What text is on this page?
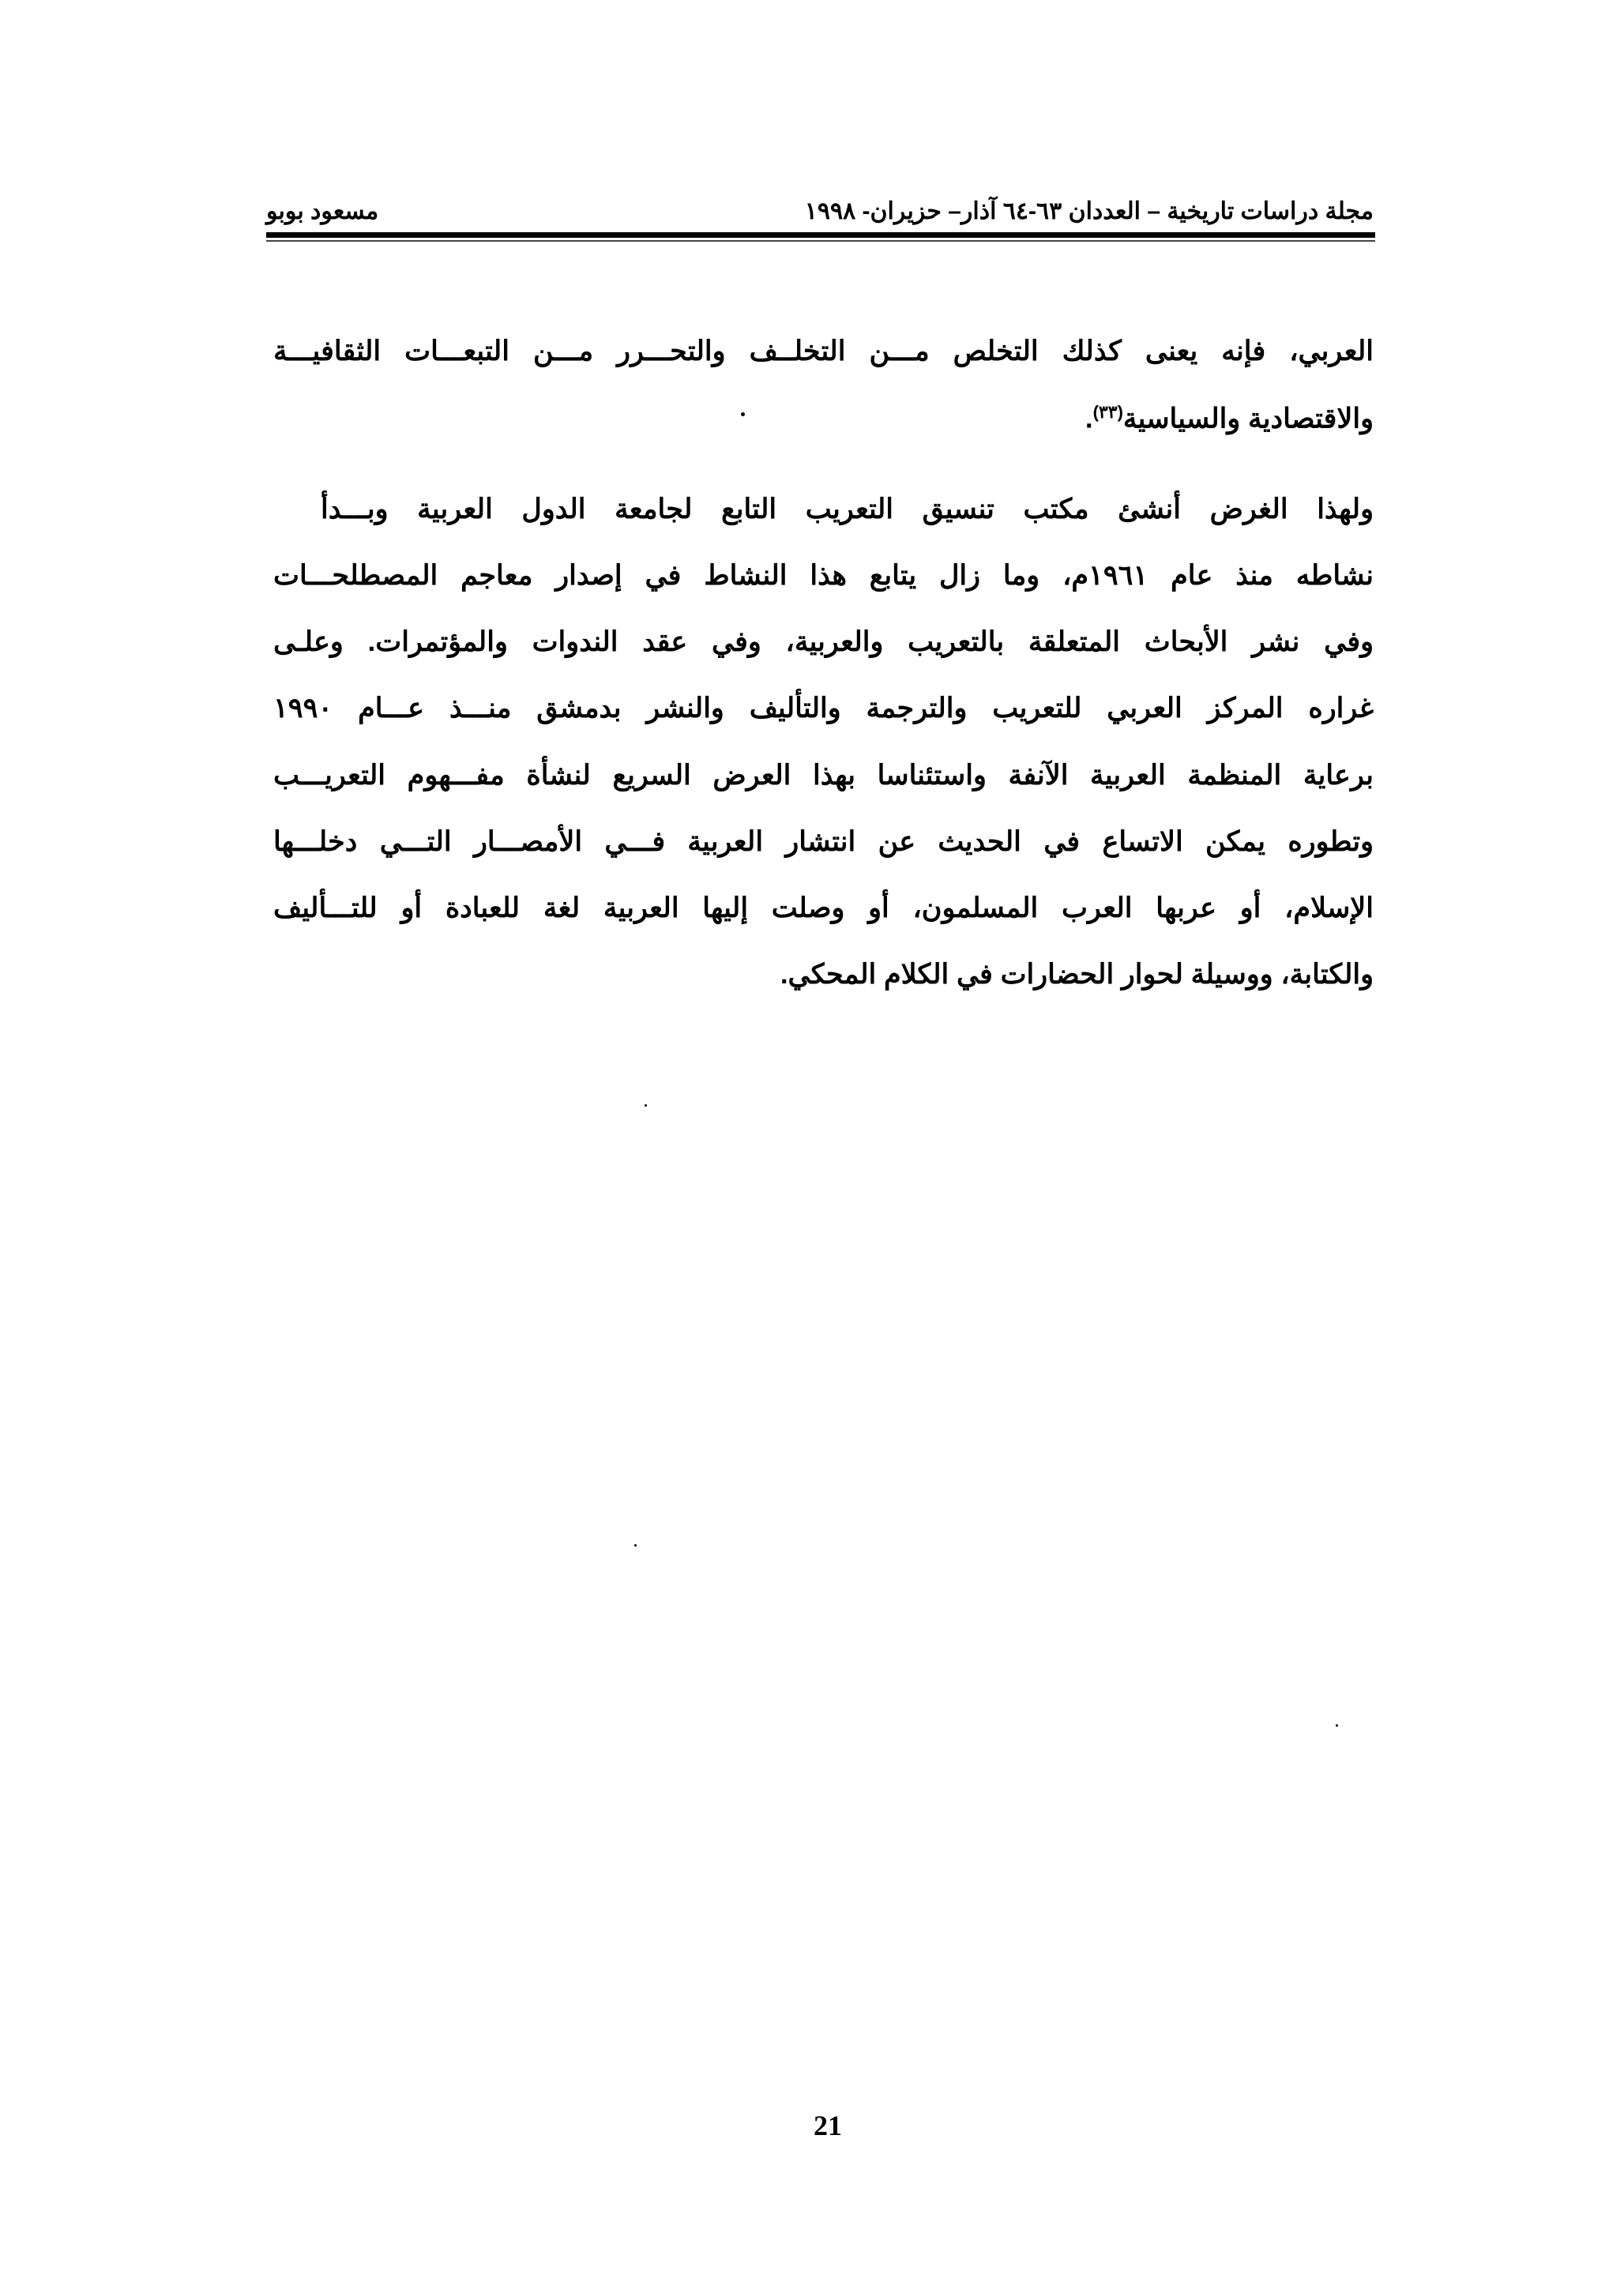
مجلة دراسات تاريخية – العددان ٦٣-٦٤ آذار– حزيران- ١٩٩٨
مسعود بوبو
العربي، فإنه يعنى كذلك التخلص مـــن التخلــف والتحـــرر مـــن التبعـــات الثقافيـــة
والاقتصادية والسياسية$^{(٣٣)}$.
ولهذا الغرض أنشئ مكتب تنسيق التعريب التابع لجامعة الدول العربية وبـــدأ
نشاطه منذ عام ١٩٦١م، وما زال يتابع هذا النشاط في إصدار معاجم المصطلحـــات
وفي نشر الأبحاث المتعلقة بالتعريب والعربية، وفي عقد الندوات والمؤتمرات. وعلـى
غراره المركز العربي للتعريب والترجمة والتأليف والنشر بدمشق منـــذ عـــام ١٩٩٠
برعاية المنظمة العربية الآنفة واستئناسا بهذا العرض السريع لنشأة مفـــهوم التعريـــب
وتطوره يمكن الاتساع في الحديث عن انتشار العربية فـــي الأمصـــار التـــي دخلـــها
الإسلام، أو عربها العرب المسلمون، أو وصلت إليها العربية لغة للعبادة أو للتـــأليف
والكتابة، ووسيلة لحوار الحضارات في الكلام المحكي.
21
